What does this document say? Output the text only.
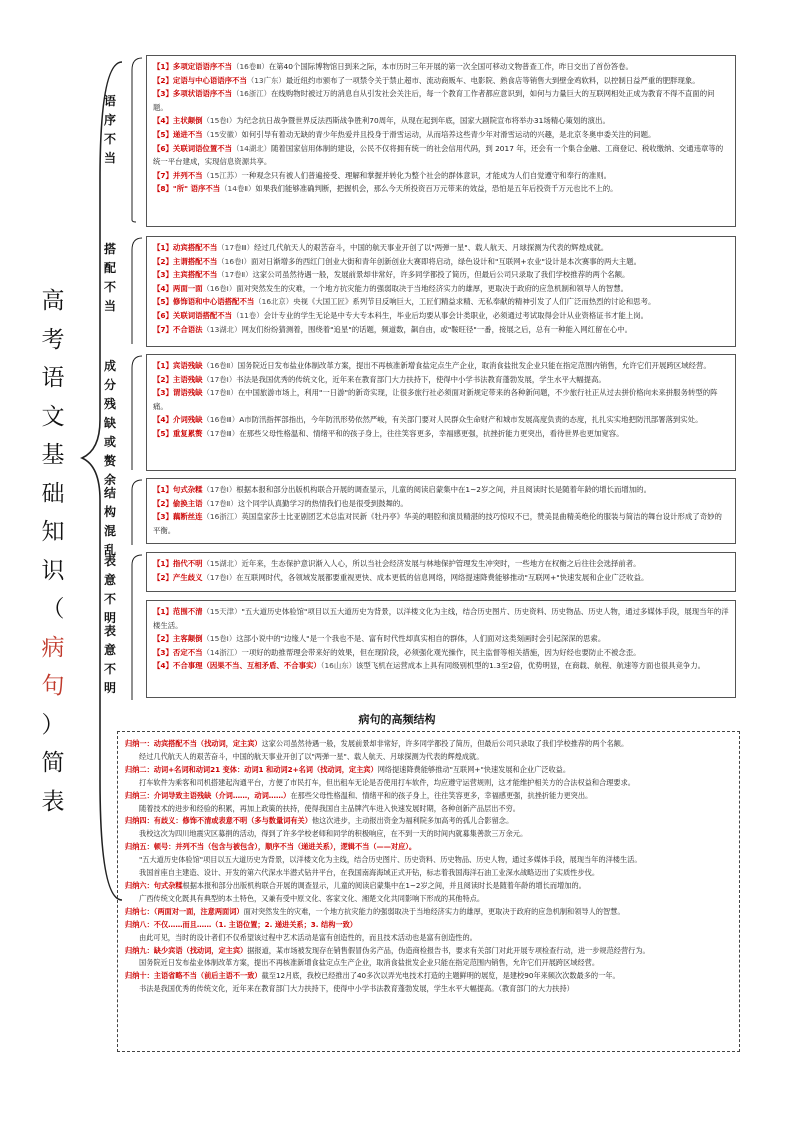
高
考
语
文
基
础
知
识
（
病
句
）
简
表
语序不当
搭配不当
成分残缺或赘余
结构混乱
表意不明
表意不明
【1】多项定语语序不当（16卷Ⅲ）在第40个国际博物馆日到来之际，本市历时三年开展的第一次全国可移动文物普查工作，昨日交出了首份答卷。
【2】定语与中心语语序不当（13广东）最近纽约市颁布了一项禁令关于禁止超市、流动商贩车、电影院、熟食店等销售大到壁金鸡软料，以控制日益严重的肥胖现象。
【3】多项状语语序不当（16浙江）在线购物时被过万的消息自从引发社会关注后，每一个教育工作者都应意识到，如何与力量巨大的互联网相处正成为教育不得不直面的问题。
【4】主状颠倒（15卷Ⅰ）为纪念抗日战争暨世界反法西斯战争胜利70周年，从现在起到年底，国家大剧院宣布将举办31场精心策划的演出。
【5】递进不当（15安徽）如何引导有着动无缺的青少年热爱并且投身于滑雪运动，从而培养这些青少年对滑雪运动的兴趣，是北京冬奥申委关注的问题。
【6】关联词语位置不当（14湖北）随着国家信用体制的建设，公民不仅将拥有统一的社会信用代码，到 2017 年，还会有一个集合金融、工商登记、税收缴纳、交通违章等的统一平台建成，实现信息资源共享。
【7】并列不当（15江苏）一种观念只有被人们普遍接受、理解和掌握并转化为整个社会的群体意识，才能成为人们自觉遵守和奉行的准则。
【8】"所" 语序不当（14卷Ⅱ）如果我们能够准确判断，把握机会，那么今天所投资百万元带来的效益，恐怕是五年后投资千万元也比不上的。
【1】动宾搭配不当（17卷Ⅲ）经过几代航天人的艰苦奋斗，中国的航天事业开创了以"两弹一星"、载人航天、月球探测为代表的辉煌成就。
【2】主谓搭配不当（16卷Ⅰ）面对日渐增多的西红门创业大街和青年创新创业大赛即将启动，绿色设计和"互联网+农业"设计是本次赛事的两大主题。
【3】主宾搭配不当（17卷Ⅱ）这家公司虽然待遇一般，发展前景却非常好，许多同学都投了简历，但最后公司只录取了我们学校推荐的两个名额。
【4】两面一面（16卷Ⅰ）面对突然发生的灾难，一个地方抗灾能力的强弱取决于当地经济实力的雄厚，更取决于政府的应急机制和领导人的智慧。
【5】修饰语和中心语搭配不当（16北京）央视《大国工匠》系列节目反响巨大，工匠们精益求精、无私奉献的精神引发了人们广泛而热烈的讨论和思考。
【6】关联词语搭配不当（11卷）会计专业的学生无论是中专大专本科生，毕业后均要从事会计类职业，必须通过考试取得会计从业资格证书才能上岗。
【7】不合语法（13湖北）网友们纷纷猜测着，围绕着"追星"的话题，频道数，飙自由，或"鞍旺径"一番，接展之后，总有一种能入网红留在心中。
【1】宾语残缺（16卷Ⅱ）国务院近日发布盐业体制改革方案，提出不再核准新增食盐定点生产企业，取消食盐批发企业只能在指定范围内销售，允许它们开展跨区域经营。
【2】主语残缺（17卷Ⅰ）书法是我国优秀的传统文化，近年来在教育部门大力扶持下，使得中小学书法教育蓬勃发展，学生水平大幅提高。
【3】谓语残缺（17卷Ⅱ）在中国旅游市场上，利用"一日游"的新奇实现，让很多旅行社必须面对新规定带来的各种新问题，不少旅行社正从过去拼价格向未来拼服务转型的阵痛。
【4】介词残缺（16卷Ⅲ）A市防汛指挥部指出，今年防汛形势依然严峻，有关部门要对人民群众生命财产和城市发展高度负责的态度，扎扎实实地把防汛部署落到实处。
【5】重复累赘（17卷Ⅲ）在那些父母性格温和、情绪平和的孩子身上，往往笑容更多，幸福感更强，抗挫折能力更突出，看待世界也更加宽容。
【1】句式杂糅（17卷Ⅰ）根据本报和部分出版机构联合开展的调查显示，儿童的阅读启蒙集中在1~2岁之间，并且阅读时长是随着年龄的增长而增加的。
【2】偷换主语（17卷Ⅱ）这个同学认真勤学习的热情我们也是很受到鼓舞的。
【3】藕断丝连（16浙江）英国皇家莎士比亚剧团艺术总监对民新《牡丹亭》华美的唱腔和演员精湛的技巧惊叹不已，赞美昆曲精美绝伦的服装与简洁的舞台设计形成了奇妙的平衡。
【1】指代不明（15湖北）近年来，生态保护意识渐入人心，所以当社会经济发展与林地保护管理发生冲突时，一些地方在权衡之后往往会选择前者。
【2】产生歧义（17卷Ⅰ）在互联网时代，各领域发展都要重视更快、成本更低的信息网络，网络提速降费能够推动"互联网+"快速发展和企业广泛收益。
【1】范围不清（15天津）"五大道历史体验馆"项目以五大道历史为背景，以洋楼文化为主线，结合历史图片、历史资料、历史物品、历史人物，通过多媒体手段，展现当年的洋楼生活。
【2】主客颠倒（15卷Ⅰ）这部小说中的"边缘人"是一个我也不是、富有时代性却真实相自的群体，人们面对这类刻画时会引起深深的思索。
【3】否定不当（14浙江）一项好的助推帮理会带来好的效果，但在现阶段，必须强化观光操作，民主监督等相关措施，因为好经也要防止不被念歪。
【4】不合事理（因果不当、互相矛盾、不合事实）（16山东）该型飞机在运营成本上具有同级别机型的1.3至2倍，优势明显，在商载、航程、航速等方面也很具竞争力。
病句的高频结构
归纳一：动宾搭配不当（找动词，定主宾）这家公司虽然待遇一般，发展前景却非常好，许多同学都投了简历，但最后公司只录取了我们学校推荐的两个名额。
经过几代航天人的艰苦奋斗，中国的航天事业开创了以"两弹一星"、载人航天、月球探测为代表的辉煌成就。
归纳二：动词+名词和动词21 变体：动词1 和动词2+名词（找动词，定主宾）网络提速降费能够推动"互联网+"快速发展和企业广泛收益。
打车软件为乘客和司机搭建起沟通平台，方便了市民打车，但出租车无论是否使用打车软件，均应遵守运营规则，这才能维护相关方的合法权益和合理要求。
归纳三：介词导致主语残缺（介词……，动词……）在那些父母性格温和、情绪平和的孩子身上，往往笑容更多，幸福感更强，抗挫折能力更突出。
随着技术的进步和经验的积累，再加上政策的扶持，使得我国自主品牌汽车进入快速发展时期，各种创新产品层出不穷。
归纳四：有歧义：修饰不清或表意不明（多与数量词有关）他这次进步，主动报出资金为福利院多加高考的孤儿合影留念。
我校这次为四川地震灾区募捐的活动，得到了许多学校老师和同学的积极响应，在不到一天的时间内就募集善款三万余元。
归纳五：顿号：并列不当（包含与被包含），顺序不当（递进关系），逻辑不当（——对应）。
"五大道历史体验馆"项目以五大道历史为背景，以洋楼文化为主线，结合历史图片、历史资料、历史物品、历史人物，通过多媒体手段，展现当年的洋楼生活。
我国首座自主建造、设计、开发的第六代深水半潜式钻井平台，在我国南海海域正式开钻，标志着我国海洋石油工业深水战略迈出了实质性步伐。
归纳六：句式杂糅根据本报和部分出版机构联合开展的调查显示，儿童的阅读启蒙集中在1~2岁之间，并且阅读时长是随着年龄的增长而增加的。
广西传统文化既具有典型的本土特色，又兼有受中原文化、客家文化、湘楚文化共同影响下形成的其他特点。
归纳七：（两面对一面，注意两面词）面对突然发生的灾难，一个地方抗灾能力的强弱取决于当地经济实力的雄厚，更取决于政府的应急机制和领导人的智慧。
归纳八：不仅……而且……（1. 主语位置；2. 递进关系；3. 结构一致）
由此可见，当时的设计者们不仅希望该过程中艺术活动是富有创造性的，而且技术活动也是富有创造性的。
归纳九：缺少宾语（找动词，定主宾）据报道，某市场被发现存在销售假冒伪劣产品，伪造商检报告书，要求有关部门对此开展专项检查行动，进一步规范经营行为。
国务院近日发布盐业体制改革方案，提出不再核准新增食盐定点生产企业，取消食盐批发企业只能在指定范围内销售，允许它们开展跨区域经营。
归纳十：主语省略不当（前后主语不一致）截至12月底，我校已经推出了40多次以弄光电技术打造的主题鲜明的展览，是建校90年来频次次数最多的一年。
书法是我国优秀的传统文化，近年来在教育部门大力扶持下，使得中小学书法教育蓬勃发展，学生水平大幅提高。（教育部门的大力扶持）
